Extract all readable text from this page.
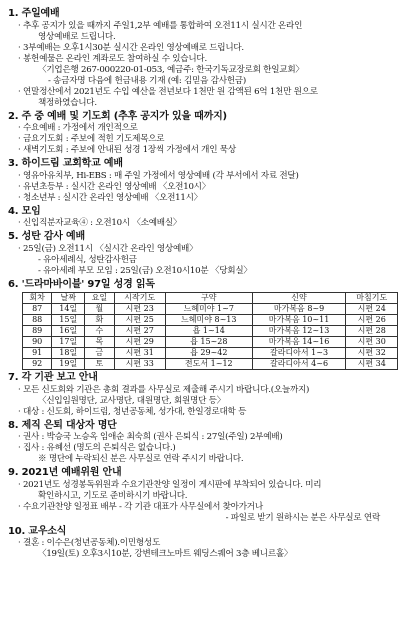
1. 주일예배

· 추후 공지가 있을 때까지 주일1,2부 예배를 통합하여 오전11시 실시간 온라인

영상예배로 드립니다.

· 3부예배는 오후1시30분 실시간 온라인 영상예배로 드립니다.

· 봉헌예물은 온라인 계좌로도 참여하실 수 있습니다.

〈기업은행 267-000220-01-053, 예금주: 한국기독교장로회 한일교회〉

- 송금자명 다음에 헌금내용 기재 (예: 김믿음 감사헌금)

· 연말정산에서 2021년도 수입 예산을 전년보다 1천만 원 감액된 6억 1천만 원으로

책정하였습니다.

2. 주 중 예배 및 기도회 (추후 공지가 있을 때까지)

· 수요예배 : 가정에서 개인적으로

· 금요기도회 : 주보에 적힌 기도제목으로

· 새벽기도회 : 주보에 안내된 성경 1장씩 가정에서 개인 묵상

3. 하이드림 교회학교 예배

· 영유아유치부, Hi-EBS : 매 주일 가정에서 영상예배 (각 부서에서 자료 전달)

· 유년초등부 : 실시간 온라인 영상예배 〈오전10시〉

· 청소년부 : 실시간 온라인 영상예배 〈오전11시〉

4. 모임

· 신입직분자교육④ : 오전10시 〈소예배실〉

5. 성탄 감사 예배

· 25일(금) 오전11시 〈실시간 온라인 영상예배〉

- 유아세례식, 성탄감사헌금

- 유아세례 부모 모임 : 25일(금) 오전10시10분 〈당회실〉

6. '드라마바이블' 97일 성경 읽독
회차	날짜	요일	시작기도	구약	신약	마침기도
87	14일	월	시편 23	느헤미야 1~7	마가복음 8~9	시편 24
88	15일	화	시편 25	느헤미야 8~13	마가복음 10~11	시편 26
89	16일	수	시편 27	욥 1~14	마가복음 12~13	시편 28
90	17일	목	시편 29	욥 15~28	마가복음 14~16	시편 30
91	18일	금	시편 31	욥 29~42	갈라디아서 1~3	시편 32
92	19일	토	시편 33	전도서 1~12	갈라디아서 4~6	시편 34
7. 각 기관 보고 안내

· 모든 신도회와 기관은 총회 결과를 사무실로 제출해 주시기 바랍니다.(오늘까지)

〈신입임원명단, 교사명단, 대원명단, 회원명단 등〉

· 대상 : 신도회, 하이드림, 청년공동체, 성가대, 한일경로대학 등

8. 제직 은퇴 대상자 명단

· 권사 : 박승국 노승옥 임애순 최숙희 (권사 은퇴식 : 27일(주일) 2부예배)

· 집사 : 유혜선 (명도의 은퇴식은 없습니다.)

※ 명단에 누락되신 분은 사무실로 연락 주시기 바랍니다.

9. 2021년 예배위원 안내

· 2021년도 성경봉독위원과 수요기관찬양 일정이 게시판에 부착되어 있습니다. 미리

확인하시고, 기도로 준비하시기 바랍니다.

· 수요기관찬양 일정표 배부 - 각 기관 대표가 사무실에서 찾아가거나

- 파일로 받기 원하시는 분은 사무실로 연락

10. 교우소식

· 결혼 : 이수은(청년공동체).이민형성도

〈19일(토) 오후3시10분, 강변테크노마트 웨딩스퀘어 3층 베니르홀〉
